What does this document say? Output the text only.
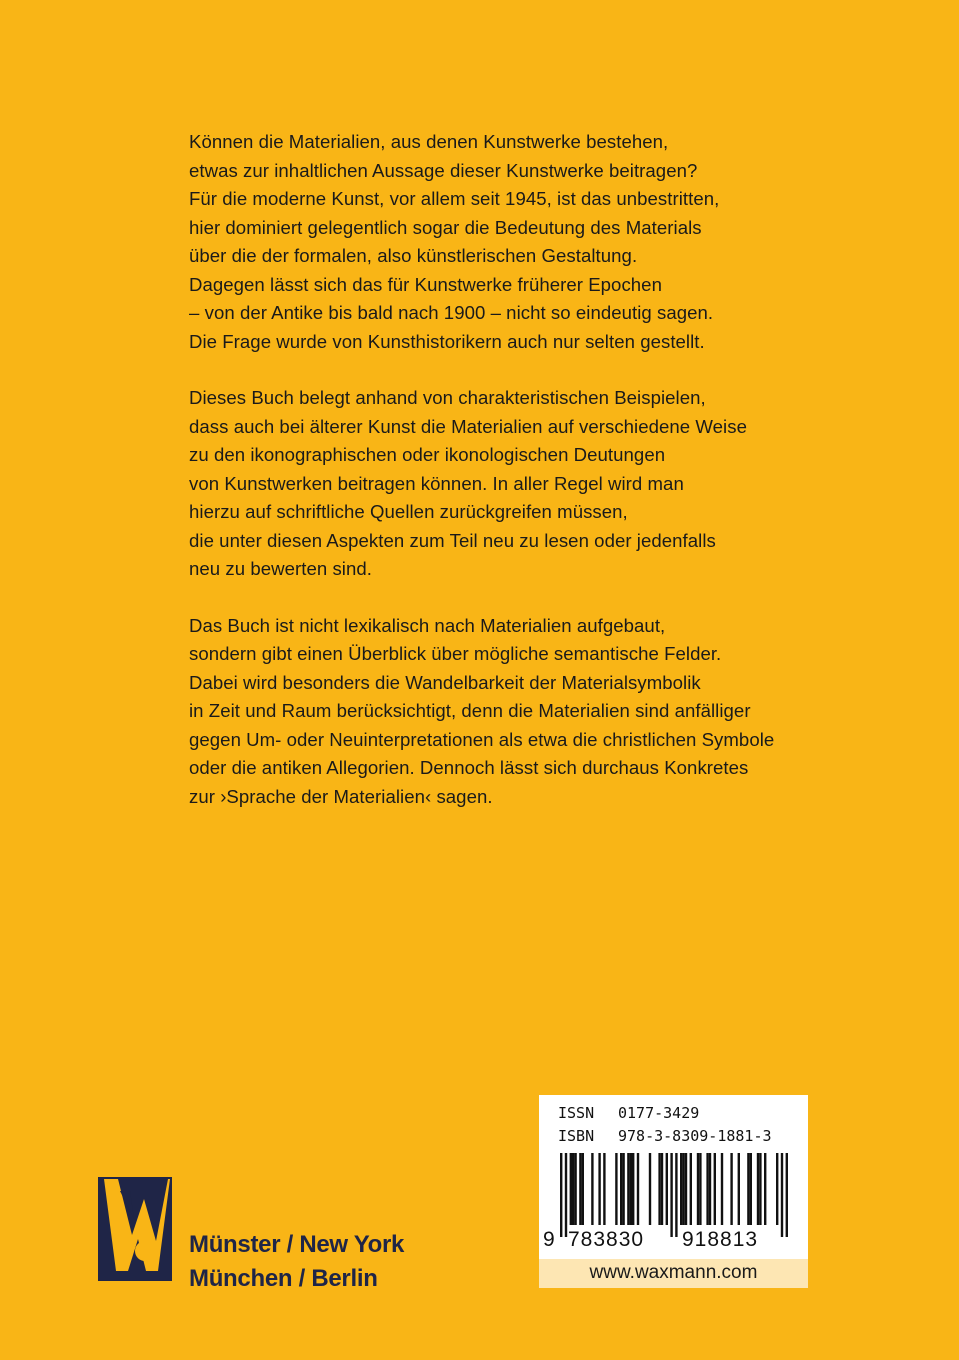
Können die Materialien, aus denen Kunstwerke bestehen,
etwas zur inhaltlichen Aussage dieser Kunstwerke beitragen?
Für die moderne Kunst, vor allem seit 1945, ist das unbestritten,
hier dominiert gelegentlich sogar die Bedeutung des Materials
über die der formalen, also künstlerischen Gestaltung.
Dagegen lässt sich das für Kunstwerke früherer Epochen
– von der Antike bis bald nach 1900 – nicht so eindeutig sagen.
Die Frage wurde von Kunsthistorikern auch nur selten gestellt.

Dieses Buch belegt anhand von charakteristischen Beispielen,
dass auch bei älterer Kunst die Materialien auf verschiedene Weise
zu den ikonographischen oder ikonologischen Deutungen
von Kunstwerken beitragen können. In aller Regel wird man
hierzu auf schriftliche Quellen zurückgreifen müssen,
die unter diesen Aspekten zum Teil neu zu lesen oder jedenfalls
neu zu bewerten sind.

Das Buch ist nicht lexikalisch nach Materialien aufgebaut,
sondern gibt einen Überblick über mögliche semantische Felder.
Dabei wird besonders die Wandelbarkeit der Materialsymbolik
in Zeit und Raum berücksichtigt, denn die Materialien sind anfälliger
gegen Um- oder Neuinterpretationen als etwa die christlichen Symbole
oder die antiken Allegorien. Dennoch lässt sich durchaus Konkretes
zur ›Sprache der Materialien‹ sagen.

Münster / New York
München / Berlin
ISSN 0177-3429
ISBN 978-3-8309-1881-3
9 783830 918813
www.waxmann.com
